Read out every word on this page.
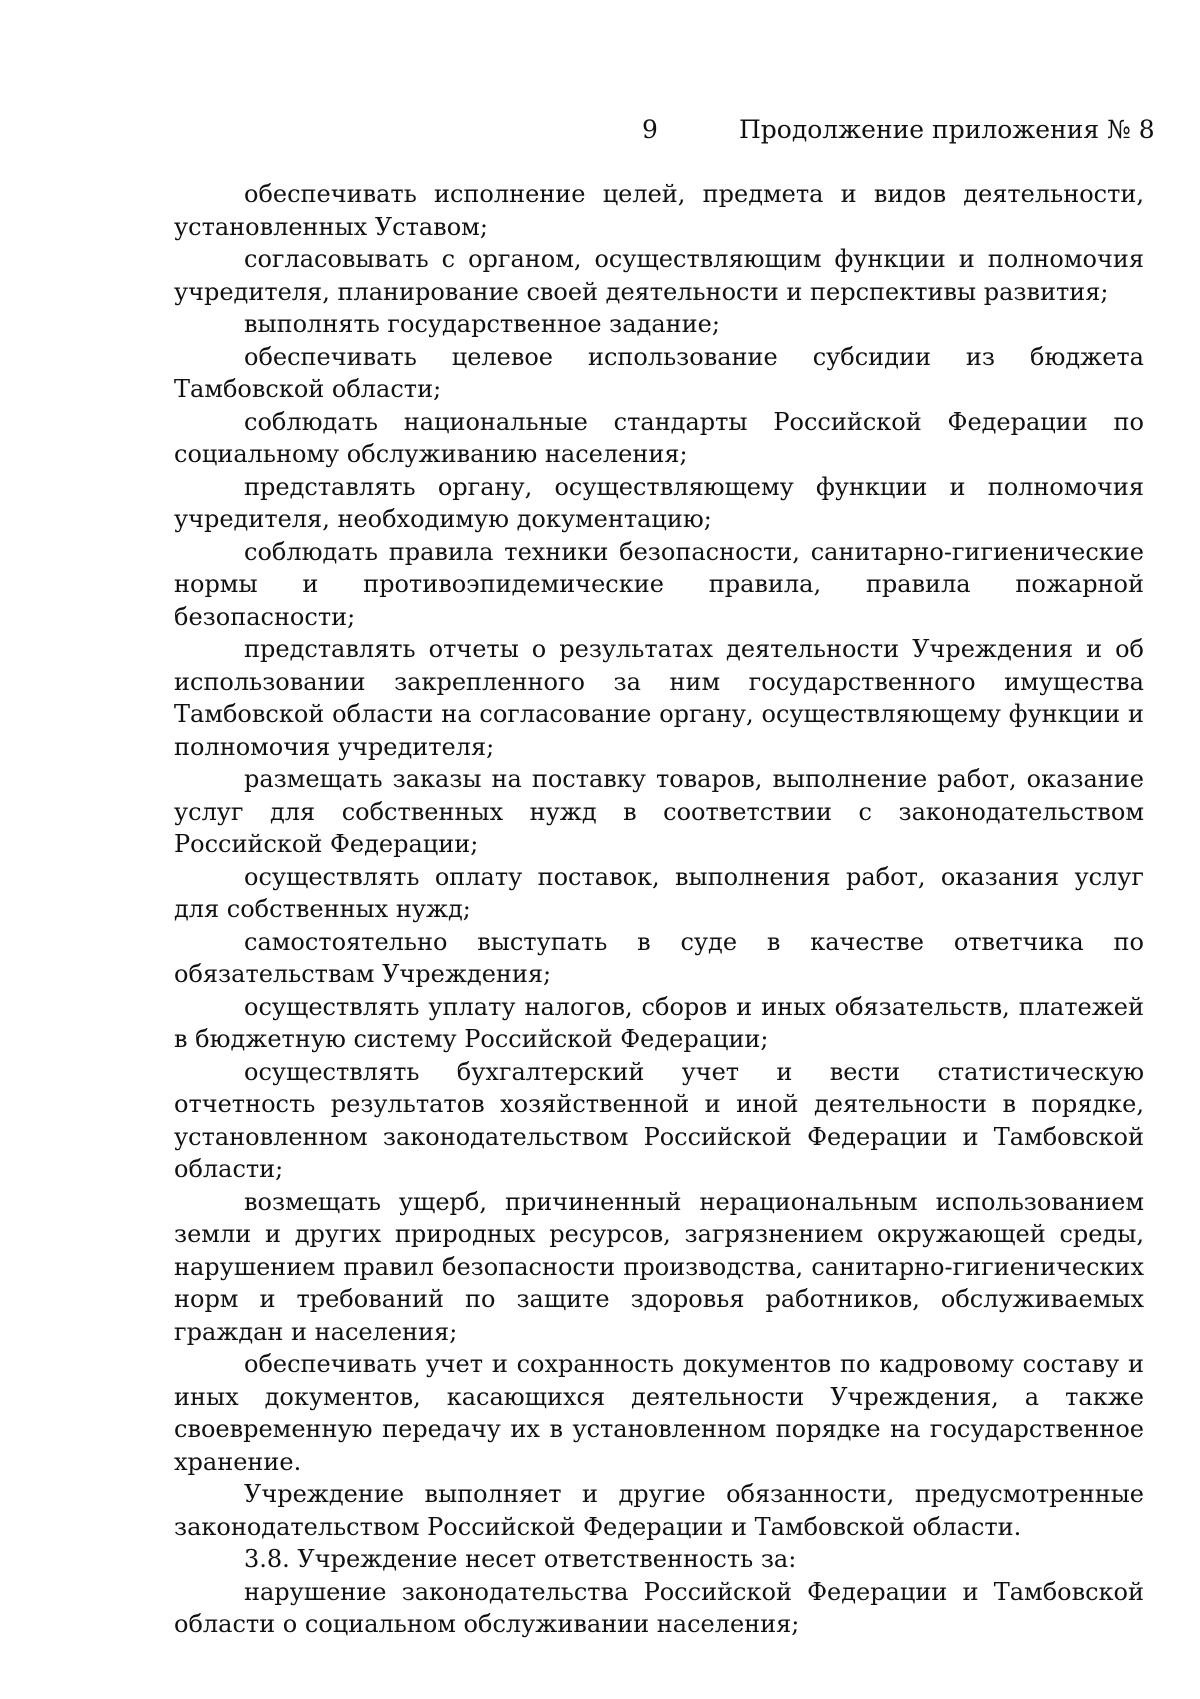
9	Продолжение приложения № 8

обеспечивать исполнение целей, предмета и видов деятельности, установленных Уставом;

согласовывать с органом, осуществляющим функции и полномочия учредителя, планирование своей деятельности и перспективы развития;

выполнять государственное задание;

обеспечивать целевое использование субсидии из бюджета Тамбовской области;

соблюдать национальные стандарты Российской Федерации по социальному обслуживанию населения;

представлять органу, осуществляющему функции и полномочия учредителя, необходимую документацию;

соблюдать правила техники безопасности, санитарно-гигиенические нормы и противоэпидемические правила, правила пожарной безопасности;

представлять отчеты о результатах деятельности Учреждения и об использовании закрепленного за ним государственного имущества Тамбовской области на согласование органу, осуществляющему функции и полномочия учредителя;

размещать заказы на поставку товаров, выполнение работ, оказание услуг для собственных нужд в соответствии с законодательством Российской Федерации;

осуществлять оплату поставок, выполнения работ, оказания услуг для собственных нужд;

самостоятельно выступать в суде в качестве ответчика по обязательствам Учреждения;

осуществлять уплату налогов, сборов и иных обязательств, платежей в бюджетную систему Российской Федерации;

осуществлять бухгалтерский учет и вести статистическую отчетность результатов хозяйственной и иной деятельности в порядке, установленном законодательством Российской Федерации и Тамбовской области;

возмещать ущерб, причиненный нерациональным использованием земли и других природных ресурсов, загрязнением окружающей среды, нарушением правил безопасности производства, санитарно-гигиенических норм и требований по защите здоровья работников, обслуживаемых граждан и населения;

обеспечивать учет и сохранность документов по кадровому составу и иных документов, касающихся деятельности Учреждения, а также своевременную передачу их в установленном порядке на государственное хранение.

Учреждение выполняет и другие обязанности, предусмотренные законодательством Российской Федерации и Тамбовской области.

3.8. Учреждение несет ответственность за:

нарушение законодательства Российской Федерации и Тамбовской области о социальном обслуживании населения;
